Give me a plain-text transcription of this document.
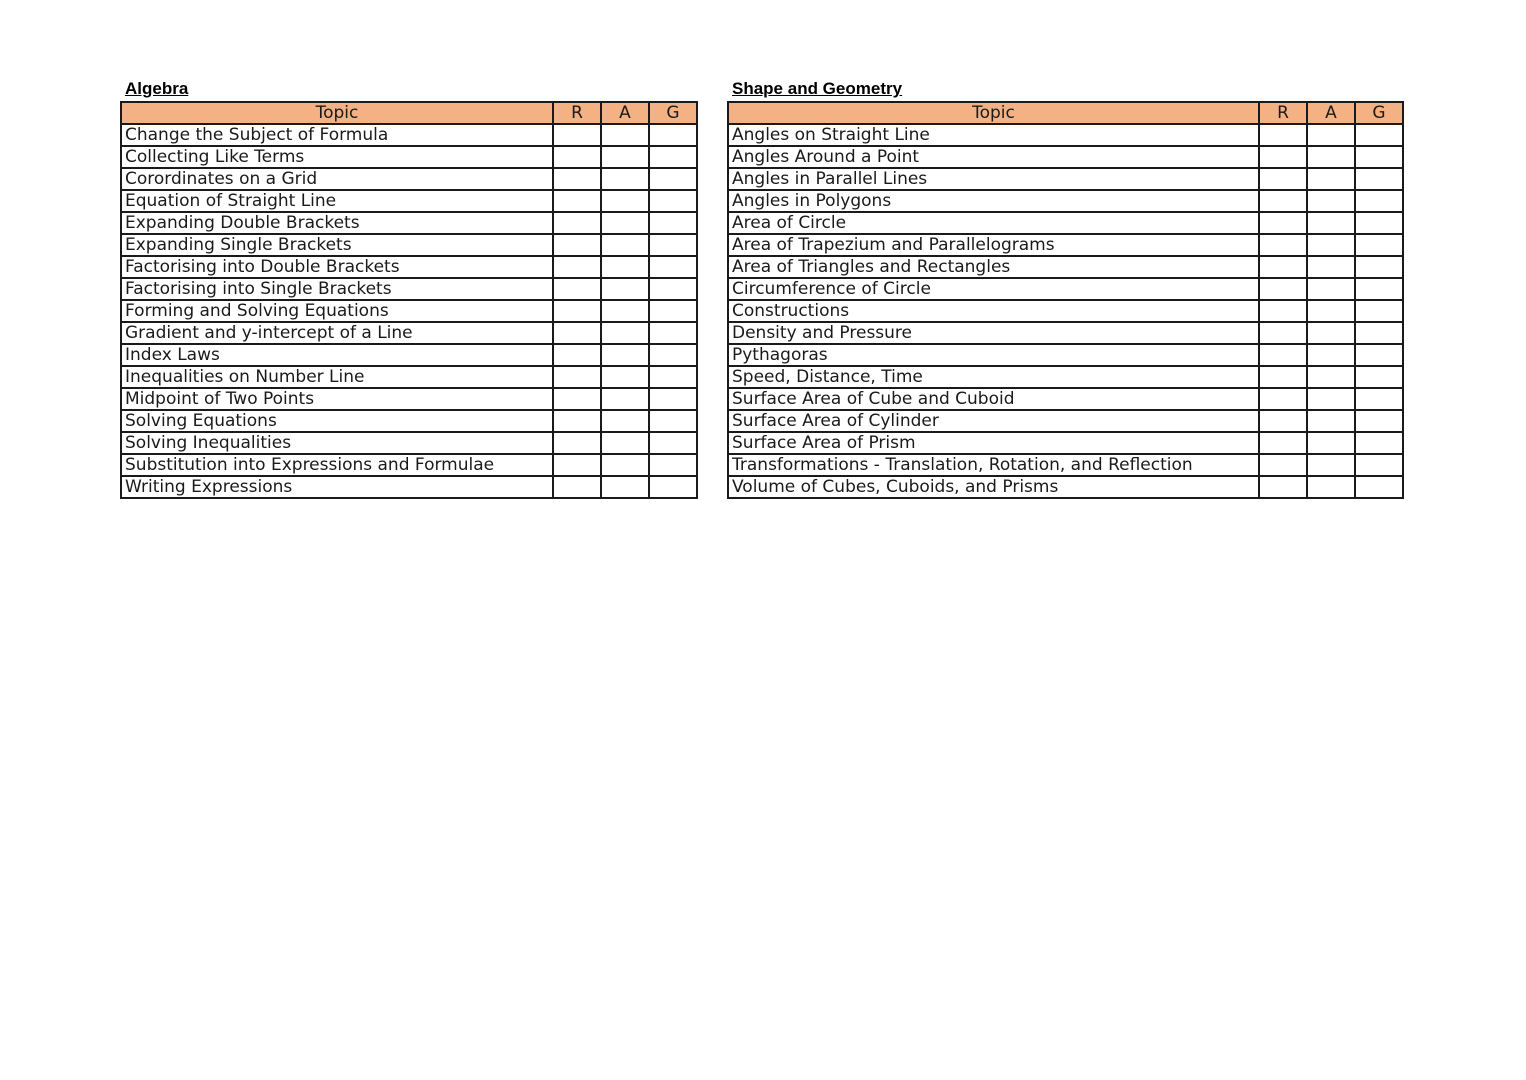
Algebra
Topic	R	A	G
Change the Subject of Formula			
Collecting Like Terms			
Corordinates on a Grid			
Equation of Straight Line			
Expanding Double Brackets			
Expanding Single Brackets			
Factorising into Double Brackets			
Factorising into Single Brackets			
Forming and Solving Equations			
Gradient and y-intercept of a Line			
Index Laws			
Inequalities on Number Line			
Midpoint of Two Points			
Solving Equations			
Solving Inequalities			
Substitution into Expressions and Formulae			
Writing Expressions			
Shape and Geometry
Topic	R	A	G
Angles on Straight Line			
Angles Around a Point			
Angles in Parallel Lines			
Angles in Polygons			
Area of Circle			
Area of Trapezium and Parallelograms			
Area of Triangles and Rectangles			
Circumference of Circle			
Constructions			
Density and Pressure			
Pythagoras			
Speed, Distance, Time			
Surface Area of Cube and Cuboid			
Surface Area of Cylinder			
Surface Area of Prism			
Transformations - Translation, Rotation, and Reflection			
Volume of Cubes, Cuboids, and Prisms			
